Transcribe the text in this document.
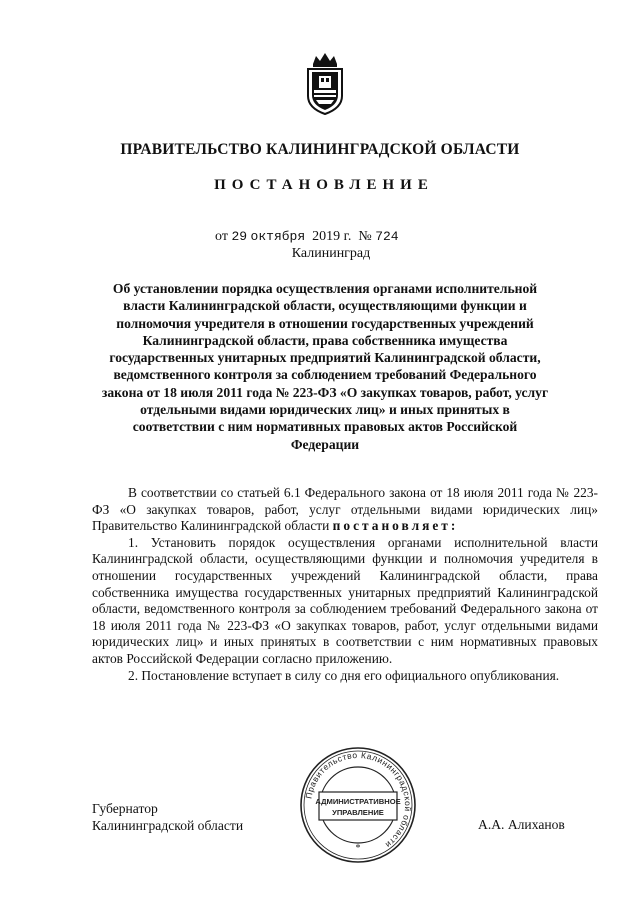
ПРАВИТЕЛЬСТВО КАЛИНИНГРАДСКОЙ ОБЛАСТИ
ПОСТАНОВЛЕНИЕ
от 29 октября 2019 г. № 724
Калининград
Об установлении порядка осуществления органами исполнительной власти Калининградской области, осуществляющими функции и полномочия учредителя в отношении государственных учреждений Калининградской области, права собственника имущества государственных унитарных предприятий Калининградской области, ведомственного контроля за соблюдением требований Федерального закона от 18 июля 2011 года № 223-ФЗ «О закупках товаров, работ, услуг отдельными видами юридических лиц» и иных принятых в соответствии с ним нормативных правовых актов Российской Федерации

В соответствии со статьей 6.1 Федерального закона от 18 июля 2011 года № 223-ФЗ «О закупках товаров, работ, услуг отдельными видами юридических лиц» Правительство Калининградской области постановляет:

1. Установить порядок осуществления органами исполнительной власти Калининградской области, осуществляющими функции и полномочия учредителя в отношении государственных учреждений Калининградской области, права собственника имущества государственных унитарных предприятий Калининградской области, ведомственного контроля за соблюдением требований Федерального закона от 18 июля 2011 года № 223-ФЗ «О закупках товаров, работ, услуг отдельными видами юридических лиц» и иных принятых в соответствии с ним нормативных правовых актов Российской Федерации согласно приложению.

2. Постановление вступает в силу со дня его официального опубликования.

Губернатор
Калининградской области
Правительство Калининградской области
АДМИНИСТРАТИВНОЕ
УПРАВЛЕНИЕ
*
А.А. Алиханов
